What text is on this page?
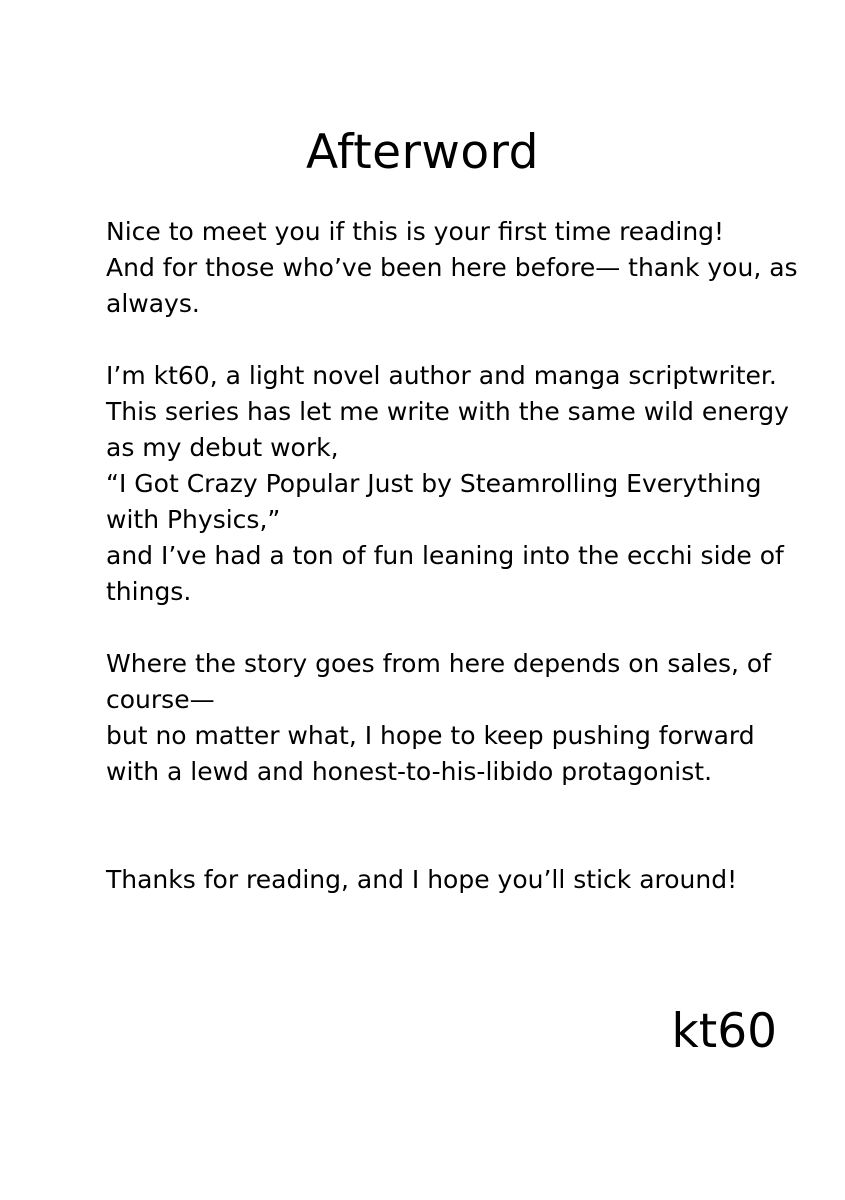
Afterword

Nice to meet you if this is your first time reading!
And for those who’ve been here before— thank you, as
always.

I’m kt60, a light novel author and manga scriptwriter.
This series has let me write with the same wild energy
as my debut work,
“I Got Crazy Popular Just by Steamrolling Everything
with Physics,”
and I’ve had a ton of fun leaning into the ecchi side of
things.

Where the story goes from here depends on sales, of
course—
but no matter what, I hope to keep pushing forward
with a lewd and honest-to-his-libido protagonist.

Thanks for reading, and I hope you’ll stick around!

kt60
